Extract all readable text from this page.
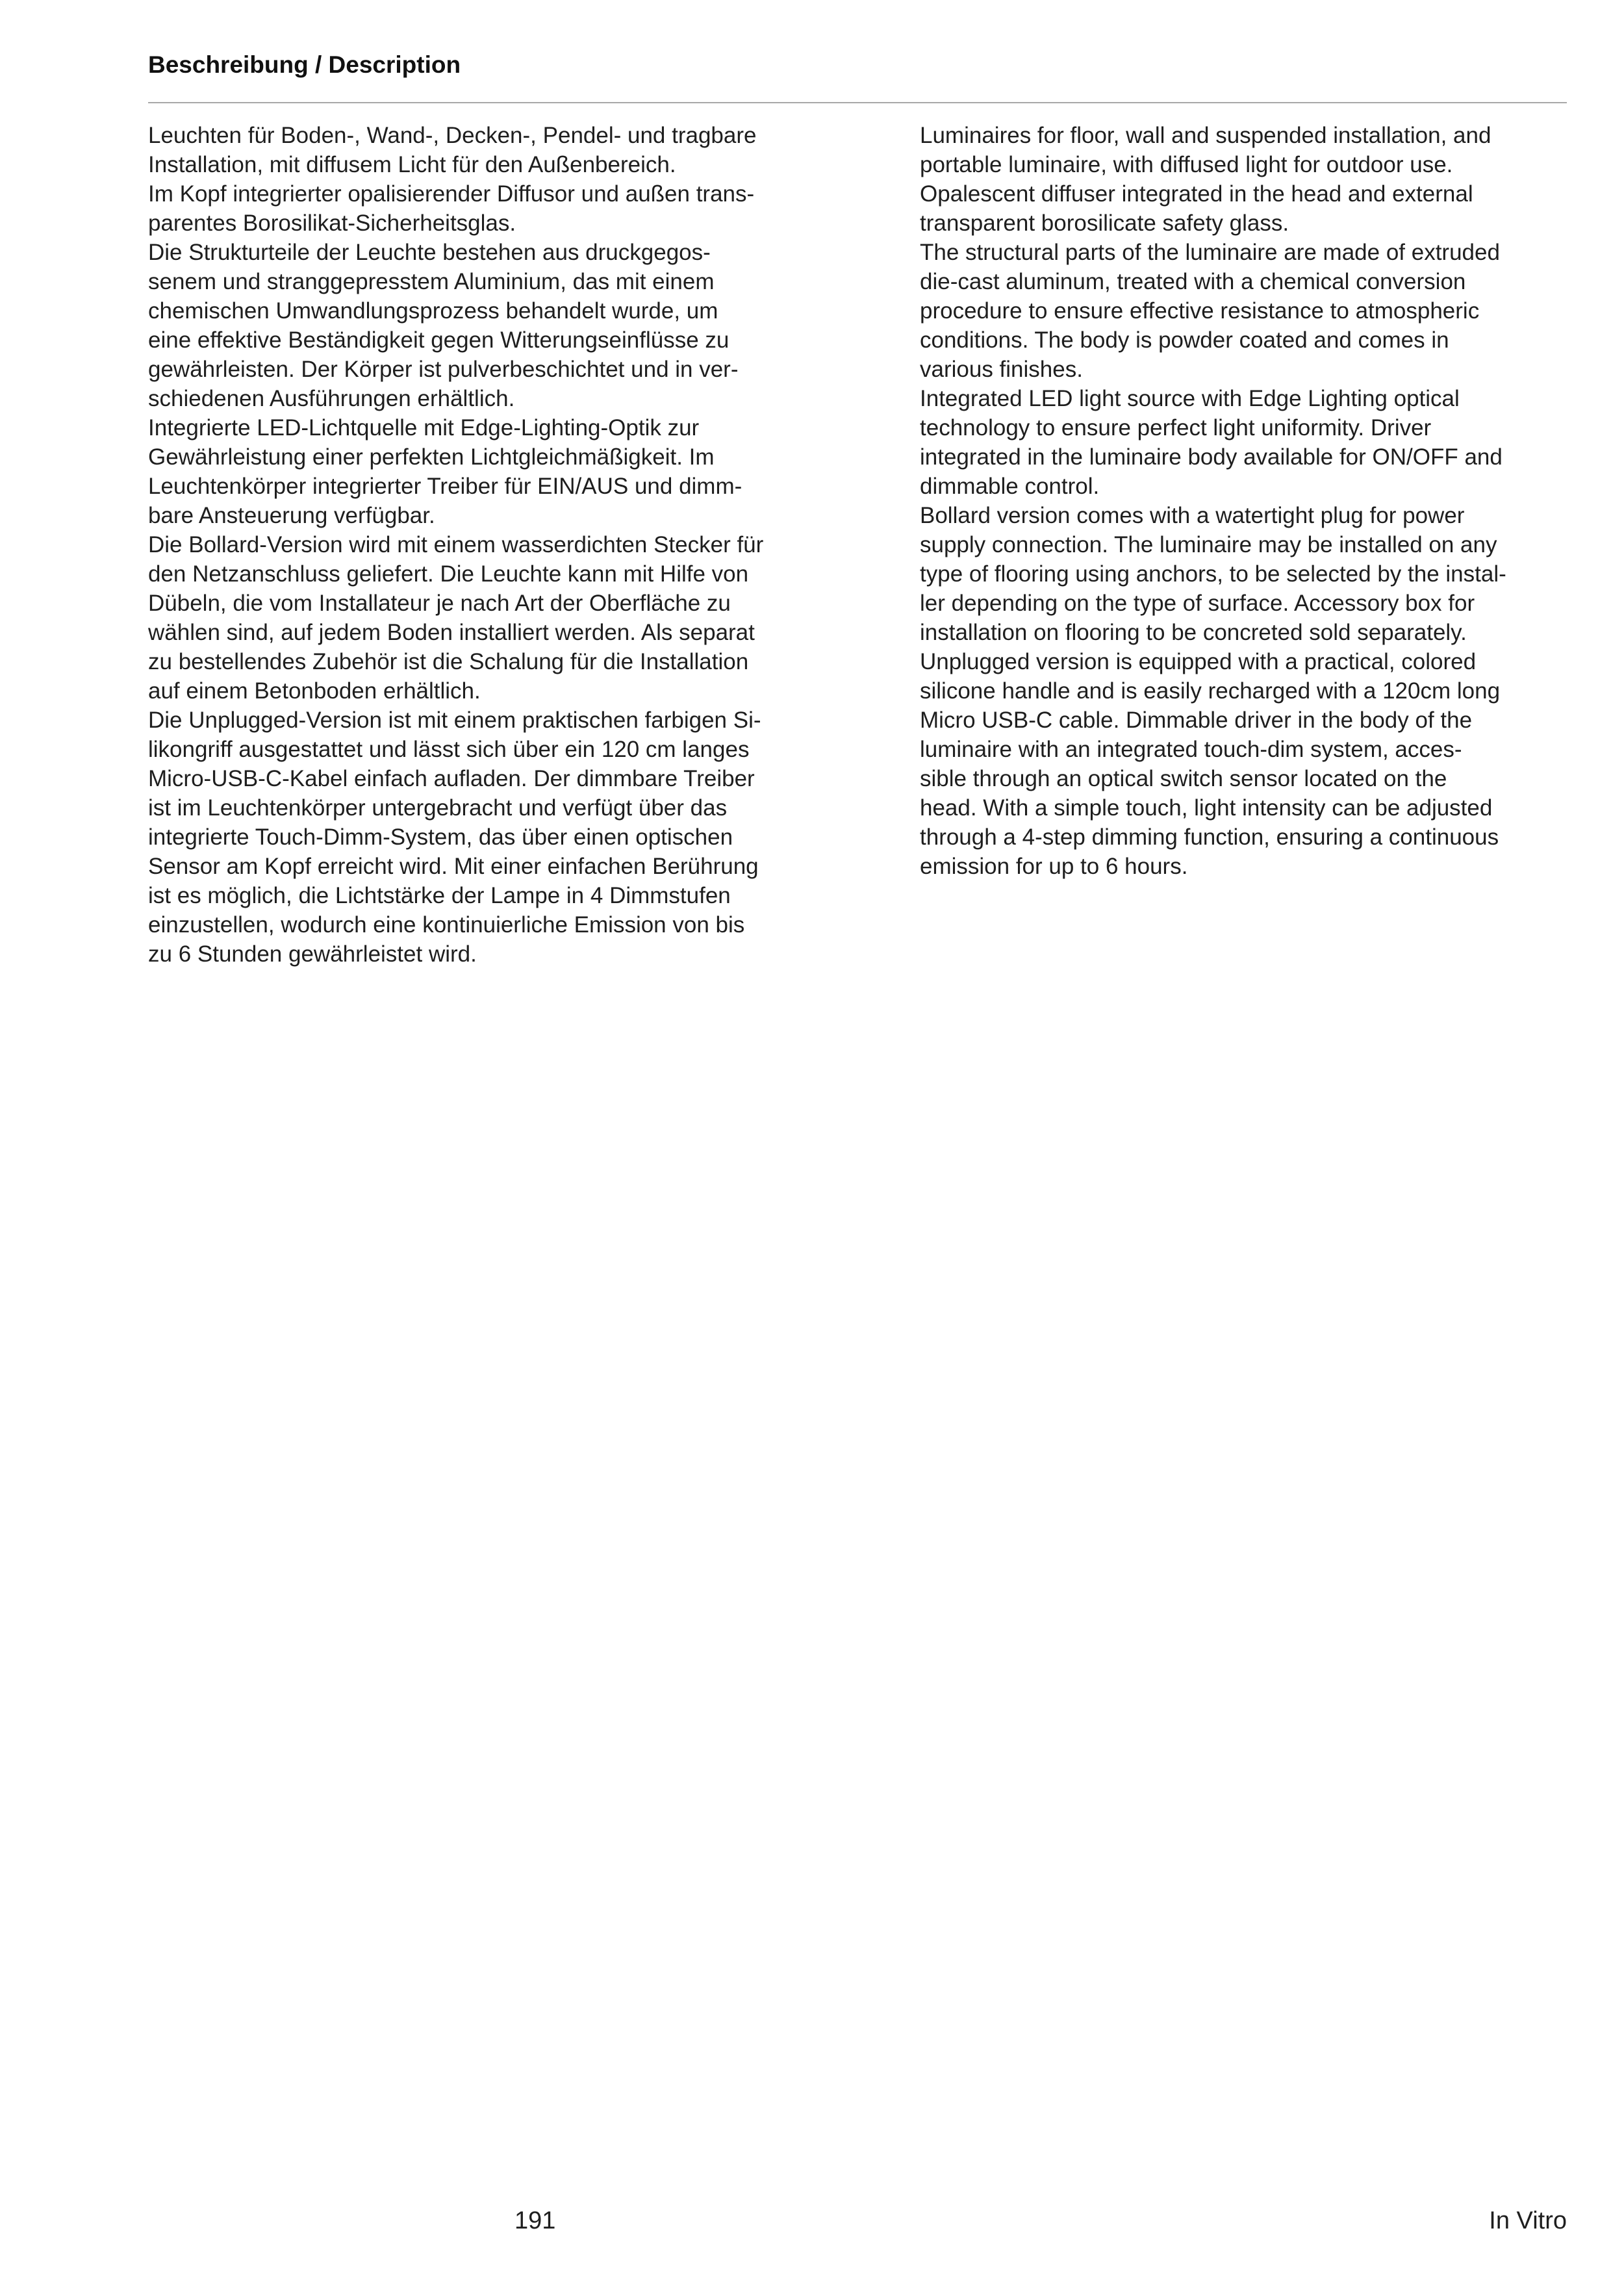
Beschreibung / Description
Leuchten für Boden-, Wand-, Decken-, Pendel- und tragbare
Installation, mit diffusem Licht für den Außenbereich.
Im Kopf integrierter opalisierender Diffusor und außen trans-
parentes Borosilikat-Sicherheitsglas.
Die Strukturteile der Leuchte bestehen aus druckgegos-
senem und stranggepresstem Aluminium, das mit einem
chemischen Umwandlungsprozess behandelt wurde, um
eine effektive Beständigkeit gegen Witterungseinflüsse zu
gewährleisten. Der Körper ist pulverbeschichtet und in ver-
schiedenen Ausführungen erhältlich.
Integrierte LED-Lichtquelle mit Edge-Lighting-Optik zur
Gewährleistung einer perfekten Lichtgleichmäßigkeit. Im
Leuchtenkörper integrierter Treiber für EIN/AUS und dimm-
bare Ansteuerung verfügbar.
Die Bollard-Version wird mit einem wasserdichten Stecker für
den Netzanschluss geliefert. Die Leuchte kann mit Hilfe von
Dübeln, die vom Installateur je nach Art der Oberfläche zu
wählen sind, auf jedem Boden installiert werden. Als separat
zu bestellendes Zubehör ist die Schalung für die Installation
auf einem Betonboden erhältlich.
Die Unplugged-Version ist mit einem praktischen farbigen Si-
likongriff ausgestattet und lässt sich über ein 120 cm langes
Micro-USB-C-Kabel einfach aufladen. Der dimmbare Treiber
ist im Leuchtenkörper untergebracht und verfügt über das
integrierte Touch-Dimm-System, das über einen optischen
Sensor am Kopf erreicht wird. Mit einer einfachen Berührung
ist es möglich, die Lichtstärke der Lampe in 4 Dimmstufen
einzustellen, wodurch eine kontinuierliche Emission von bis
zu 6 Stunden gewährleistet wird.
Luminaires for floor, wall and suspended installation, and
portable luminaire, with diffused light for outdoor use.
Opalescent diffuser integrated in the head and external
transparent borosilicate safety glass.
The structural parts of the luminaire are made of extruded
die-cast aluminum, treated with a chemical conversion
procedure to ensure effective resistance to atmospheric
conditions. The body is powder coated and comes in
various finishes.
Integrated LED light source with Edge Lighting optical
technology to ensure perfect light uniformity. Driver
integrated in the luminaire body available for ON/OFF and
dimmable control.
Bollard version comes with a watertight plug for power
supply connection. The luminaire may be installed on any
type of flooring using anchors, to be selected by the instal-
ler depending on the type of surface. Accessory box for
installation on flooring to be concreted sold separately.
Unplugged version is equipped with a practical, colored
silicone handle and is easily recharged with a 120cm long
Micro USB-C cable. Dimmable driver in the body of the
luminaire with an integrated touch-dim system, acces-
sible through an optical switch sensor located on the
head. With a simple touch, light intensity can be adjusted
through a 4-step dimming function, ensuring a continuous
emission for up to 6 hours.
191	In Vitro
